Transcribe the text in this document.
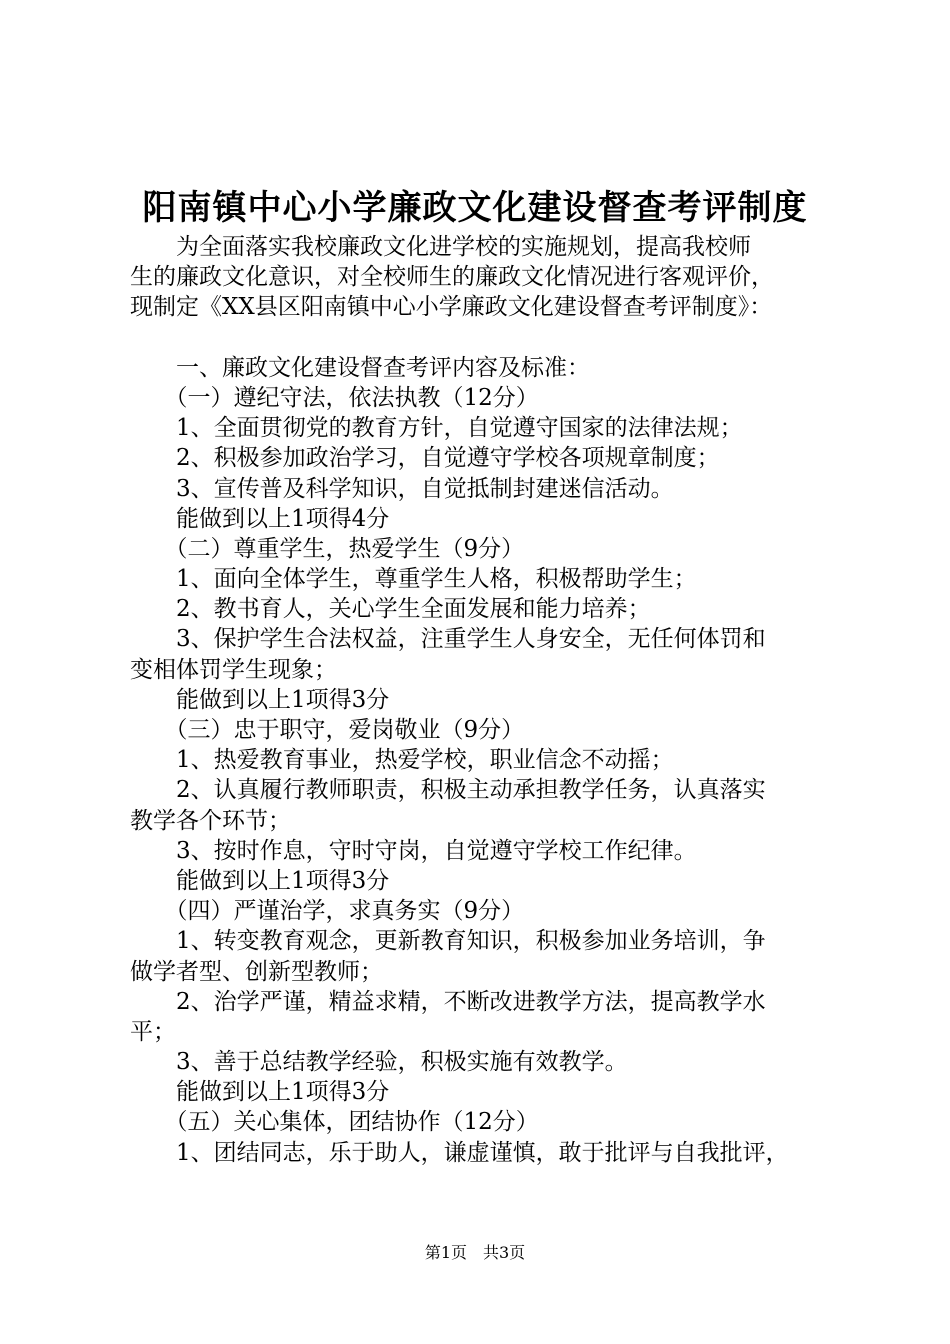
阳南镇中心小学廉政文化建设督查考评制度
　　为全面落实我校廉政文化进学校的实施规划，提高我校师
生的廉政文化意识，对全校师生的廉政文化情况进行客观评价，
现制定《XX县区阳南镇中心小学廉政文化建设督查考评制度》：
　　一、廉政文化建设督查考评内容及标准：
　　（一）遵纪守法，依法执教（12分）
　　1、全面贯彻党的教育方针，自觉遵守国家的法律法规；
　　2、积极参加政治学习，自觉遵守学校各项规章制度；
　　3、宣传普及科学知识，自觉抵制封建迷信活动。
　　能做到以上1项得4分
　　（二）尊重学生，热爱学生（9分）
　　1、面向全体学生，尊重学生人格，积极帮助学生；
　　2、教书育人，关心学生全面发展和能力培养；
　　3、保护学生合法权益，注重学生人身安全，无任何体罚和
变相体罚学生现象；
　　能做到以上1项得3分
　　（三）忠于职守，爱岗敬业（9分）
　　1、热爱教育事业，热爱学校，职业信念不动摇；
　　2、认真履行教师职责，积极主动承担教学任务，认真落实
教学各个环节；
　　3、按时作息，守时守岗，自觉遵守学校工作纪律。
　　能做到以上1项得3分
　　（四）严谨治学，求真务实（9分）
　　1、转变教育观念，更新教育知识，积极参加业务培训，争
做学者型、创新型教师；
　　2、治学严谨，精益求精，不断改进教学方法，提高教学水
平；
　　3、善于总结教学经验，积极实施有效教学。
　　能做到以上1项得3分
　　（五）关心集体，团结协作（12分）
　　1、团结同志，乐于助人，谦虚谨慎，敢于批评与自我批评，
第1页　共3页
